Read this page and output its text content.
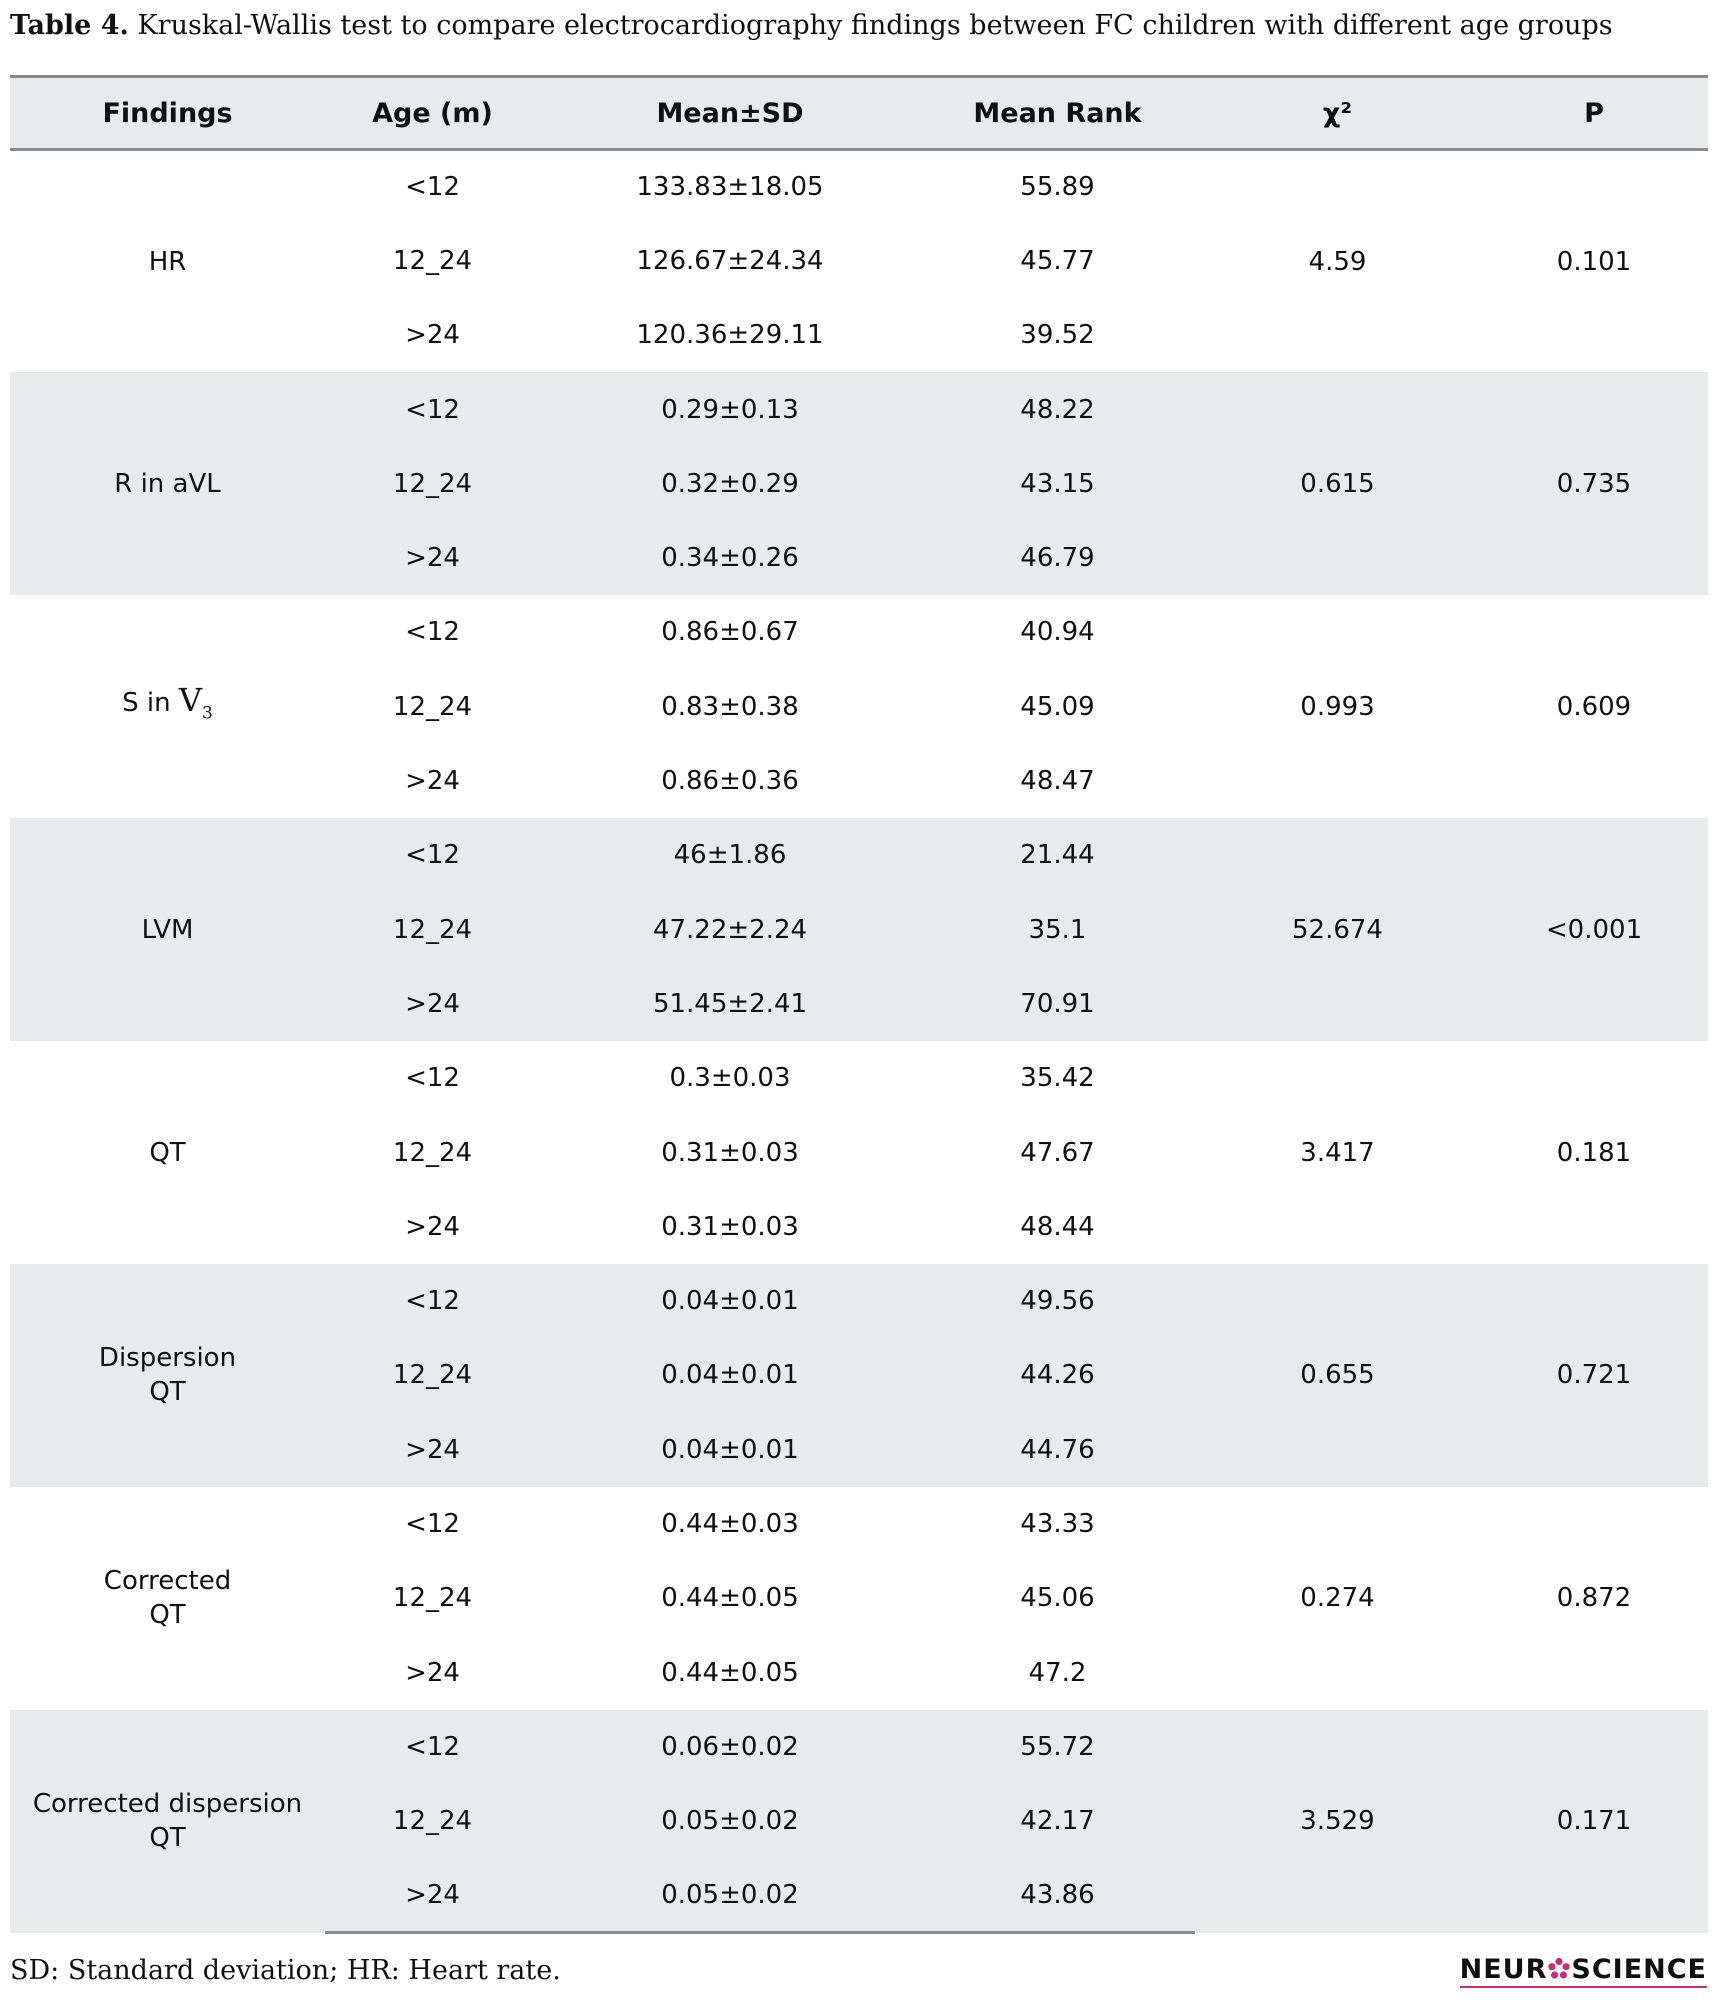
Table 4. Kruskal-Wallis test to compare electrocardiography findings between FC children with different age groups
Findings	Age (m)	Mean±SD	Mean Rank	χ²	P

HR	<12	133.83±18.05	55.89	4.59	0.101
	12_24	126.67±24.34	45.77		
	>24	120.36±29.11	39.52		

R in aVL	<12	0.29±0.13	48.22	0.615	0.735
	12_24	0.32±0.29	43.15		
	>24	0.34±0.26	46.79		
S in $V_3$	<12	0.86±0.67	40.94	0.993	0.609
	12_24	0.83±0.38	45.09		
	>24	0.86±0.36	48.47		

LVM	<12	46±1.86	21.44	52.674	<0.001
	12_24	47.22±2.24	35.1		
	>24	51.45±2.41	70.91		

QT	<12	0.3±0.03	35.42	3.417	0.181
	12_24	0.31±0.03	47.67		
	>24	0.31±0.03	48.44		

Dispersion
QT	<12	0.04±0.01	49.56	0.655	0.721
	12_24	0.04±0.01	44.26		
	>24	0.04±0.01	44.76		

Corrected
QT	<12	0.44±0.03	43.33	0.274	0.872
	12_24	0.44±0.05	45.06		
	>24	0.44±0.05	47.2		

Corrected dispersion
QT	<12	0.06±0.02	55.72	3.529	0.171
	12_24	0.05±0.02	42.17		
	>24	0.05±0.02	43.86		
SD: Standard deviation; HR: Heart rate.	NEUR SCIENCE
